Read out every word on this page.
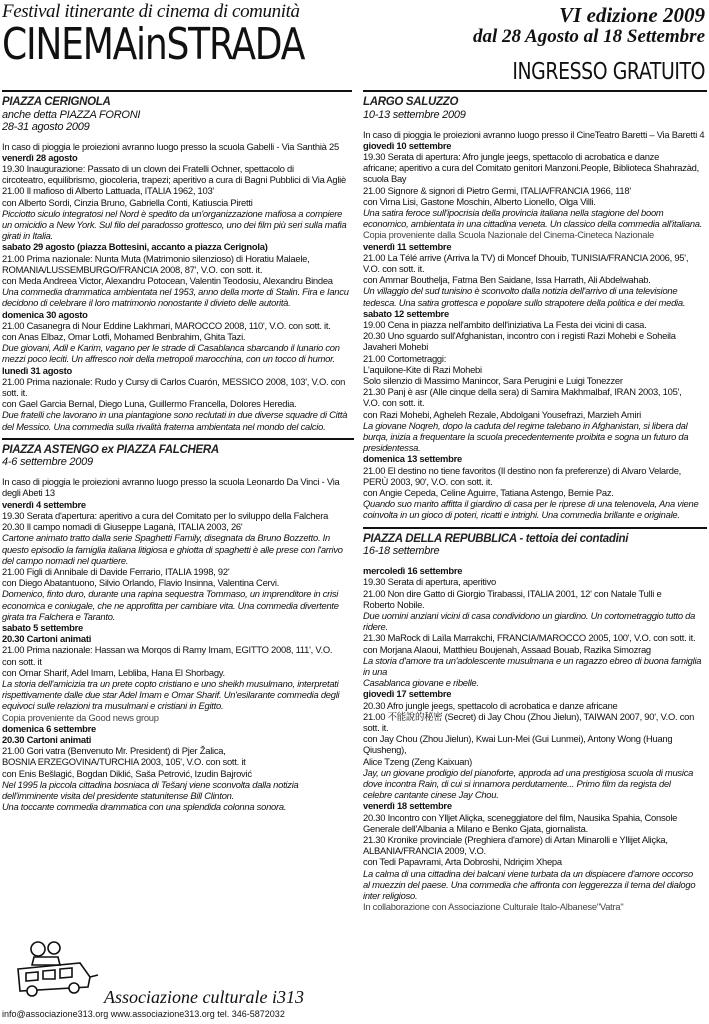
Festival itinerante di cinema di comunità
CINEMAinSTRADA
VI edizione 2009
dal 28 Agosto al 18 Settembre
INGRESSO GRATUITO
PIAZZA CERIGNOLA
anche detta PIAZZA FORONI
28-31 agosto 2009
In caso di pioggia le proiezioni avranno luogo presso la scuola Gabelli - Via Santhià 25
venerdì 28 agosto
19.30 Inaugurazione: Passato di un clown dei Fratelli Ochner, spettacolo di
circoteatro, equilibrismo, giocoleria, trapezi; aperitivo a cura di Bagni Pubblici di Via Agliè
21.00 Il mafioso di Alberto Lattuada, ITALIA 1962, 103'
con Alberto Sordi, Cinzia Bruno, Gabriella Conti, Katiuscia Piretti
Picciotto siculo integratosi nel Nord è spedito da un'organizzazione mafiosa a compiere
un omicidio a New York. Sul filo del paradosso grottesco, uno dei film più seri sulla mafia
girati in Italia.
sabato 29 agosto (piazza Bottesini, accanto a piazza Cerignola)
21.00 Prima nazionale: Nunta Muta (Matrimonio silenzioso) di Horatiu Malaele,
ROMANIA/LUSSEMBURGO/FRANCIA 2008, 87', V.O. con sott. it.
con Meda Andreea Victor, Alexandru Potocean, Valentin Teodosiu, Alexandru Bindea
Una commedia drammatica ambientata nel 1953, anno della morte di Stalin. Fira e Iancu
decidono di celebrare il loro matrimonio nonostante il divieto delle autorità.
domenica 30 agosto
21.00 Casanegra di Nour Eddine Lakhmari, MAROCCO 2008, 110', V.O. con sott. it.
con Anas Elbaz, Omar Lotfi, Mohamed Benbrahim, Ghita Tazi.
Due giovani, Adil e Karim, vagano per le strade di Casablanca sbarcando il lunario con
mezzi poco leciti. Un affresco noir della metropoli marocchina, con un tocco di humor.
lunedì 31 agosto
21.00 Prima nazionale: Rudo y Cursy di Carlos Cuarón, MESSICO 2008, 103', V.O. con
sott. it.
con Gael Garcia Bernal, Diego Luna, Guillermo Francella, Dolores Heredia.
Due fratelli che lavorano in una piantagione sono reclutati in due diverse squadre di Città
del Messico. Una commedia sulla rivalità fraterna ambientata nel mondo del calcio.
PIAZZA ASTENGO ex PIAZZA FALCHERA
4-6 settembre 2009
In caso di pioggia le proiezioni avranno luogo presso la scuola Leonardo Da Vinci - Via
degli Abeti 13
venerdì 4 settembre
19.30 Serata d'apertura: aperitivo a cura del Comitato per lo sviluppo della Falchera
20.30 Il campo nomadi di Giuseppe Laganà, ITALIA 2003, 26'
Cartone animato tratto dalla serie Spaghetti Family, disegnata da Bruno Bozzetto. In
questo episodio la famiglia italiana litigiosa e ghiotta di spaghetti è alle prese con l'arrivo
del campo nomadi nel quartiere.
21.00 Figli di Annibale di Davide Ferrario, ITALIA 1998, 92'
con Diego Abatantuono, Silvio Orlando, Flavio Insinna, Valentina Cervi.
Domenico, finto duro, durante una rapina sequestra Tommaso, un imprenditore in crisi
economica e coniugale, che ne approfitta per cambiare vita. Una commedia divertente
girata tra Falchera e Taranto.
sabato 5 settembre
20.30 Cartoni animati
21.00 Prima nazionale: Hassan wa Morqos di Ramy Imam, EGITTO 2008, 111', V.O.
con sott. it
con Omar Sharif, Adel Imam, Lebliba, Hana El Shorbagy.
La storia dell'amicizia tra un prete copto cristiano e uno sheikh musulmano, interpretati
rispettivamente dalle due star Adel Imam e Omar Sharif. Un'esilarante commedia degli
equivoci sulle relazioni tra musulmani e cristiani in Egitto.
Copia proveniente da Good news group
domenica 6 settembre
20.30 Cartoni animati
21.00 Gori vatra (Benvenuto Mr. President) di Pjer Žalica,
BOSNIA ERZEGOVINA/TURCHIA 2003, 105', V.O. con sott. it
con Enis Bešlagić, Bogdan Diklić, Saša Petrović, Izudin Bajrović
Nel 1995 la piccola cittadina bosniaca di Tešanj viene sconvolta dalla notizia
dell'imminente visita del presidente statunitense Bill Clinton.
Una toccante commedia drammatica con una splendida colonna sonora.
LARGO SALUZZO
10-13 settembre 2009
In caso di pioggia le proiezioni avranno luogo presso il CineTeatro Baretti – Via Baretti 4
giovedì 10 settembre
19.30 Serata di apertura: Afro jungle jeegs, spettacolo di acrobatica e danze
africane; aperitivo a cura del Comitato genitori Manzoni.People, Biblioteca Shahrazàd,
scuola Bay
21.00 Signore & signori di Pietro Germi, ITALIA/FRANCIA 1966, 118'
con Virna Lisi, Gastone Moschin, Alberto Lionello, Olga Villi.
Una satira feroce sull'ipocrisia della provincia italiana nella stagione del boom
economico, ambientata in una cittadina veneta. Un classico della commedia all'italiana.
Copia proveniente dalla Scuola Nazionale del Cinema-Cineteca Nazionale
venerdì 11 settembre
21.00 La Télé arrive (Arriva la TV) di Moncef Dhouib, TUNISIA/FRANCIA 2006, 95',
V.O. con sott. it.
con Ammar Bouthelja, Fatma Ben Saidane, Issa Harrath, Ali Abdelwahab.
Un villaggio del sud tunisino è sconvolto dalla notizia dell'arrivo di una televisione
tedesca. Una satira grottesca e popolare sullo strapotere della politica e dei media.
sabato 12 settembre
19.00 Cena in piazza nell'ambito dell'iniziativa La Festa dei vicini di casa.
20.30 Uno sguardo sull'Afghanistan, incontro con i registi Razi Mohebi e Soheila
Javaheri Mohebi
21.00 Cortometraggi:
L'aquilone-Kite di Razi Mohebi
Solo silenzio di Massimo Manincor, Sara Perugini e Luigi Tonezzer
21.30 Panj è asr (Alle cinque della sera) di Samira Makhmalbaf, IRAN 2003, 105',
V.O. con sott. it.
con Razi Mohebi, Agheleh Rezale, Abdolgani Yousefrazi, Marzieh Amiri
La giovane Noqreh, dopo la caduta del regime talebano in Afghanistan, si libera dal
burqa, inizia a frequentare la scuola precedentemente proibita e sogna un futuro da
presidentessa.
domenica 13 settembre
21.00 El destino no tiene favoritos (Il destino non fa preferenze) di Alvaro Velarde,
PERÙ 2003, 90', V.O. con sott. it.
con Angie Cepeda, Celine Aguirre, Tatiana Astengo, Bernie Paz.
Quando suo marito affitta il giardino di casa per le riprese di una telenovela, Ana viene
coinvolta in un gioco di poteri, ricatti e intrighi. Una commedia brillante e originale.
PIAZZA DELLA REPUBBLICA - tettoia dei contadini
16-18 settembre
mercoledì 16 settembre
19.30 Serata di apertura, aperitivo
21.00 Non dire Gatto di Giorgio Tirabassi, ITALIA 2001, 12' con Natale Tulli e
Roberto Nobile.
Due uomini anziani vicini di casa condividono un giardino. Un cortometraggio tutto da
ridere.
21.30 MaRock di Laïla Marrakchi, FRANCIA/MAROCCO 2005, 100', V.O. con sott. it.
con Morjana Alaoui, Matthieu Boujenah, Assaad Bouab, Razika Simozrag
La storia d'amore tra un'adolescente musulmana e un ragazzo ebreo di buona famiglia
in una
Casablanca giovane e ribelle.
giovedì 17 settembre
20.30 Afro jungle jeegs, spettacolo di acrobatica e danze africane
21.00 不能說的秘密 (Secret) di Jay Chou (Zhou Jielun), TAIWAN 2007, 90', V.O. con
sott. it.
con Jay Chou (Zhou Jielun), Kwai Lun-Mei (Gui Lunmei), Antony Wong (Huang
Qiusheng),
Alice Tzeng (Zeng Kaixuan)
Jay, un giovane prodigio del pianoforte, approda ad una prestigiosa scuola di musica
dove incontra Rain, di cui si innamora perdutamente... Primo film da regista del
celebre cantante cinese Jay Chou.
venerdì 18 settembre
20.30 Incontro con Ylljet Aliçka, sceneggiatore del film, Nausika Spahia, Console
Generale dell'Albania a Milano e Benko Gjata, giornalista.
21.30 Kronike provinciale (Preghiera d'amore) di Artan Minarolli e Yllijet Aliçka,
ALBANIA/FRANCIA 2009, V.O.
con Tedi Papavrami, Arta Dobroshi, Ndriçim Xhepa
La calma di una cittadina dei balcani viene turbata da un dispiacere d'amore occorso
al muezzin del paese. Una commedia che affronta con leggerezza il tema del dialogo
inter religioso.
In collaborazione con Associazione Culturale Italo-Albanese"Vatra"
Associazione culturale i313
info@associazione313.org www.associazione313.org tel. 346-5872032
